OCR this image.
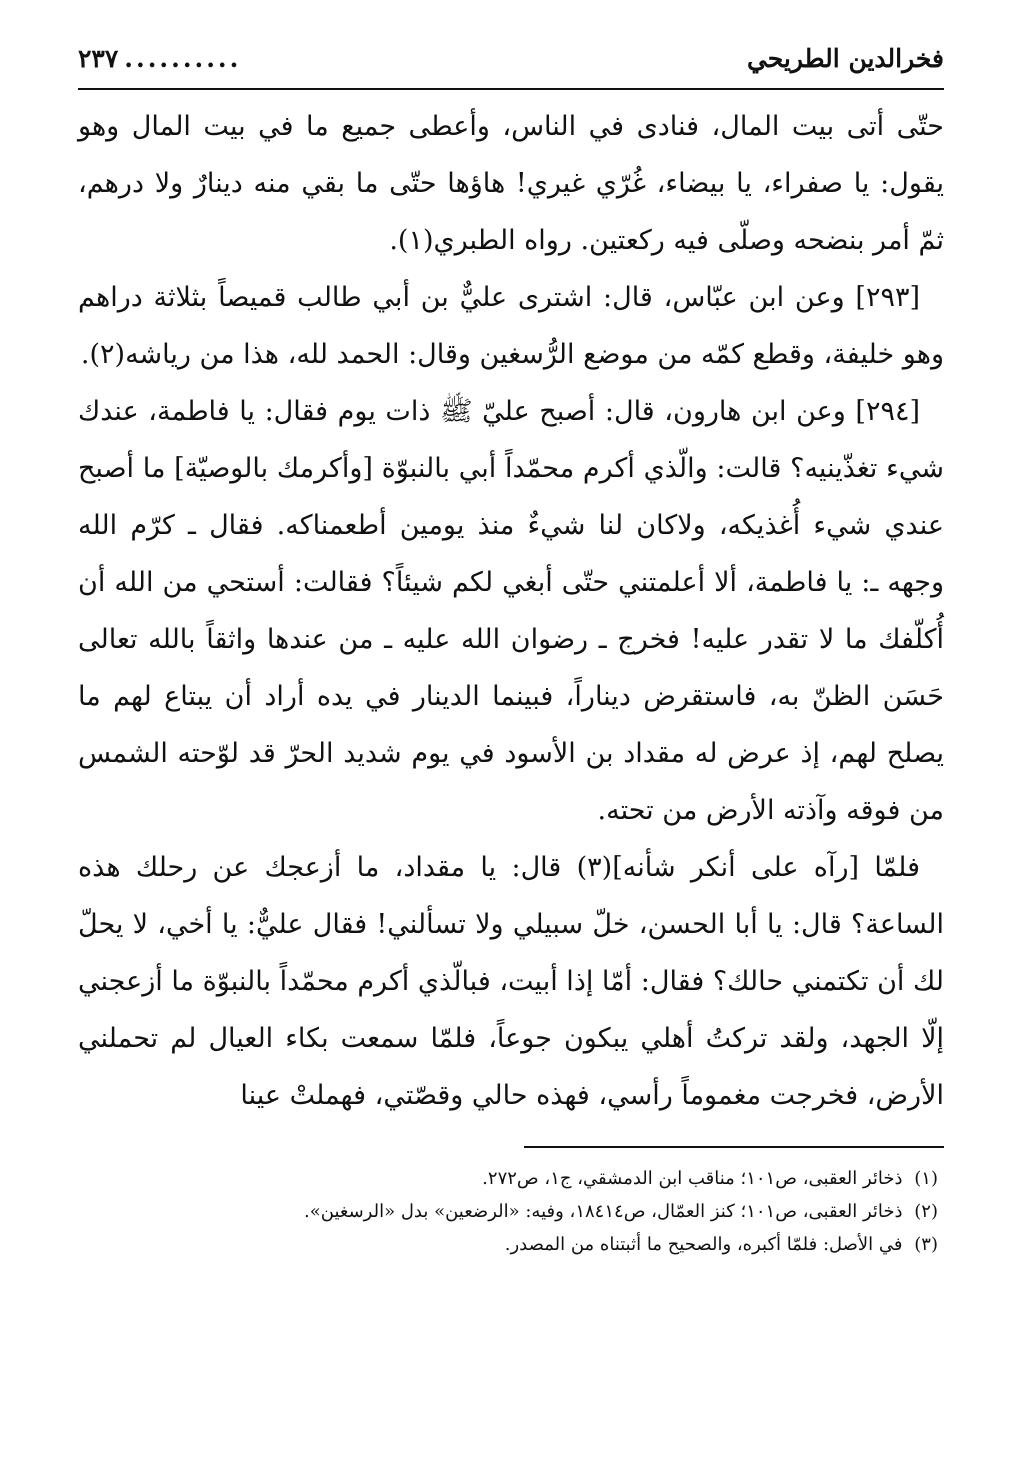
فخرالدين الطريحي
..........
٢٣٧

حتّى أتى بيت المال، فنادى في الناس، وأعطى جميع ما في بيت المال وهو يقول: يا صفراء، يا بيضاء، غُرّي غيري! هاؤها حتّى ما بقي منه دينارٌ ولا درهم، ثمّ أمر بنضحه وصلّى فيه ركعتين. رواه الطبري(١).

[٢٩٣] وعن ابن عبّاس، قال: اشترى عليٌّ بن أبي طالب قميصاً بثلاثة دراهم وهو خليفة، وقطع كمّه من موضع الرُّسغين وقال: الحمد لله، هذا من رياشه(٢).

[٢٩٤] وعن ابن هارون، قال: أصبح عليّ ﷺ ذات يوم فقال: يا فاطمة، عندك شيء تغذّينيه؟ قالت: والّذي أكرم محمّداً أبي بالنبوّة [وأكرمك بالوصيّة] ما أصبح عندي شيء أُغذيكه، ولاكان لنا شيءٌ منذ يومين أطعمناكه. فقال ـ كرّم الله وجهه ـ: يا فاطمة، ألا أعلمتني حتّى أبغي لكم شيئاً؟ فقالت: أستحي من الله أن أُكلّفك ما لا تقدر عليه! فخرج ـ رضوان الله عليه ـ من عندها واثقاً بالله تعالى حَسَن الظنّ به، فاستقرض ديناراً، فبينما الدينار في يده أراد أن يبتاع لهم ما يصلح لهم، إذ عرض له مقداد بن الأسود في يوم شديد الحرّ قد لوّحته الشمس من فوقه وآذته الأرض من تحته.

فلمّا [رآه على أنكر شأنه](٣) قال: يا مقداد، ما أزعجك عن رحلك هذه الساعة؟ قال: يا أبا الحسن، خلّ سبيلي ولا تسألني! فقال عليٌّ: يا أخي، لا يحلّ لك أن تكتمني حالك؟ فقال: أمّا إذا أبيت، فبالّذي أكرم محمّداً بالنبوّة ما أزعجني إلّا الجهد، ولقد تركتُ أهلي يبكون جوعاً، فلمّا سمعت بكاء العيال لم تحملني الأرض، فخرجت مغموماً رأسي، فهذه حالي وقصّتي، فهملتْ عينا

(١) ذخائر العقبى، ص١٠١؛ مناقب ابن الدمشقي، ج١، ص٢٧٢.

(٢) ذخائر العقبى، ص١٠١؛ كنز العمّال، ص١٨٤١٤، وفيه: «الرضعين» بدل «الرسغين».

(٣) في الأصل: فلمّا أكبره، والصحيح ما أثبتناه من المصدر.
